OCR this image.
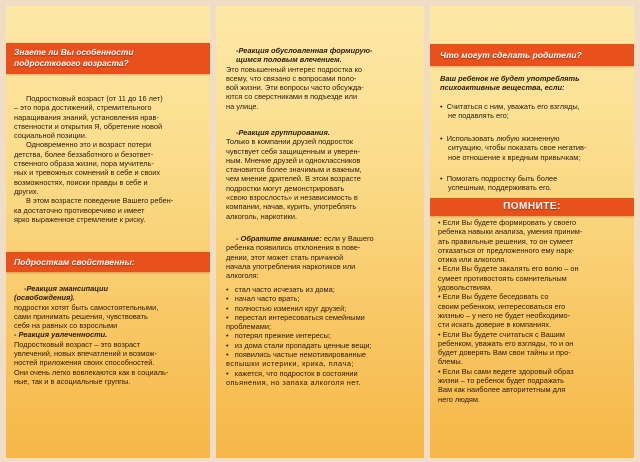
Знаете ли Вы особенности
подросткового возраста?
Подростковый возраст (от 11 до 16 лет)
– это пора достижений, стремительного
наращивания знаний, установления нрав-
ственности и открытия Я, обретение новой
социальной позиции.
Одновременно это и возраст потери
детства, более беззаботного и безответ-
ственного образа жизни, пора мучитель-
ных и тревожных сомнений в себе и своих
возможностях, поиски правды в себе и
других.
В этом возрасте поведение Вашего ребен-
ка достаточно противоречиво и имеет
ярко выраженное стремление к риску.
Подросткам свойственны:
-Реакция эмансипации
(освобождения).
подростки хотят быть самостоятельными,
сами принимать решения, чувствовать
себя на равных со взрослыми
- Реакция увлеченности.
Подростковый возраст – это возраст
увлечений, новых впечатлений и возмож-
ностей приложения своих способностей.
Они очень легко вовлекаются как в социаль-
ные, так и в асоциальные группы.
-Реакция обусловленная формирую-
щимся половым влечением.
Это повышенный интерес подростка ко
всему, что связано с вопросами поло-
вой жизни. Эти вопросы часто обсужда-
ются со сверстниками в подъезде или
на улице.
-Реакция группирования.
Только в компании друзей подросток
чувствует себя защищенным и уверен-
ным. Мнение друзей и одноклассников
становится более значимым и важным,
чем мнение дрителей. В этом возрасте
подростки могут демонстрировать
«свою взрослость» и независимость в
компании, начав, курить, употреблять
алкоголь, наркотики.
- Обратите внимание: если у Вашего
ребенка появились отклонения в пове-
дении, этот может стать причиной
начала употребления наркотиков или
алкоголя:
•   стал часто исчезать из дома;
•   начал часто врать;
•   полностью изменил круг друзей;
•   перестал интересоваться семейными
проблемами;
•   потерял прежние интересы;
•   из дома стали пропадать ценные вещи;
•   появились частые немотивированные
вспышки истерики, крика, плача;
•   кажется, что подросток в состоянии
опьянения, но запаха алкоголя нет.
Что могут сделать родители?
Ваш ребенок не будет употреблять
психоактивные вещества, если:
•  Считаться с ним, уважать его взгляды,
не подавлять его;
•  Использовать любую жизненную
ситуацию, чтобы показать свое негатив-
ное отношение к вредным привычкам;
•  Помогать подростку быть более
успешным, поддерживать его.
ПОМНИТЕ:
• Если Вы будете формировать у своего
ребенка навыки анализа, умения приним-
ать правильные решения, то он сумеет
отказаться от предложенного ему нарк-
отика или алкоголя.
• Если Вы будете закалять его волю – он
сумеет противостоять сомнительным
удовольствиям.
• Если Вы будете беседовать со
своим ребенком, интересоваться его
жизнью – у него не будет необходимо-
сти искать доверие в компаниях.
• Если Вы будете считаться с Вашим
ребенком, уважать его взгляды, то и он
будет доверять Вам свои тайны и про-
блемы.
• Если Вы сами ведете здоровый образ
жизни – то ребенок будет подражать
Вам как наиболее авторитетным для
него людям.
